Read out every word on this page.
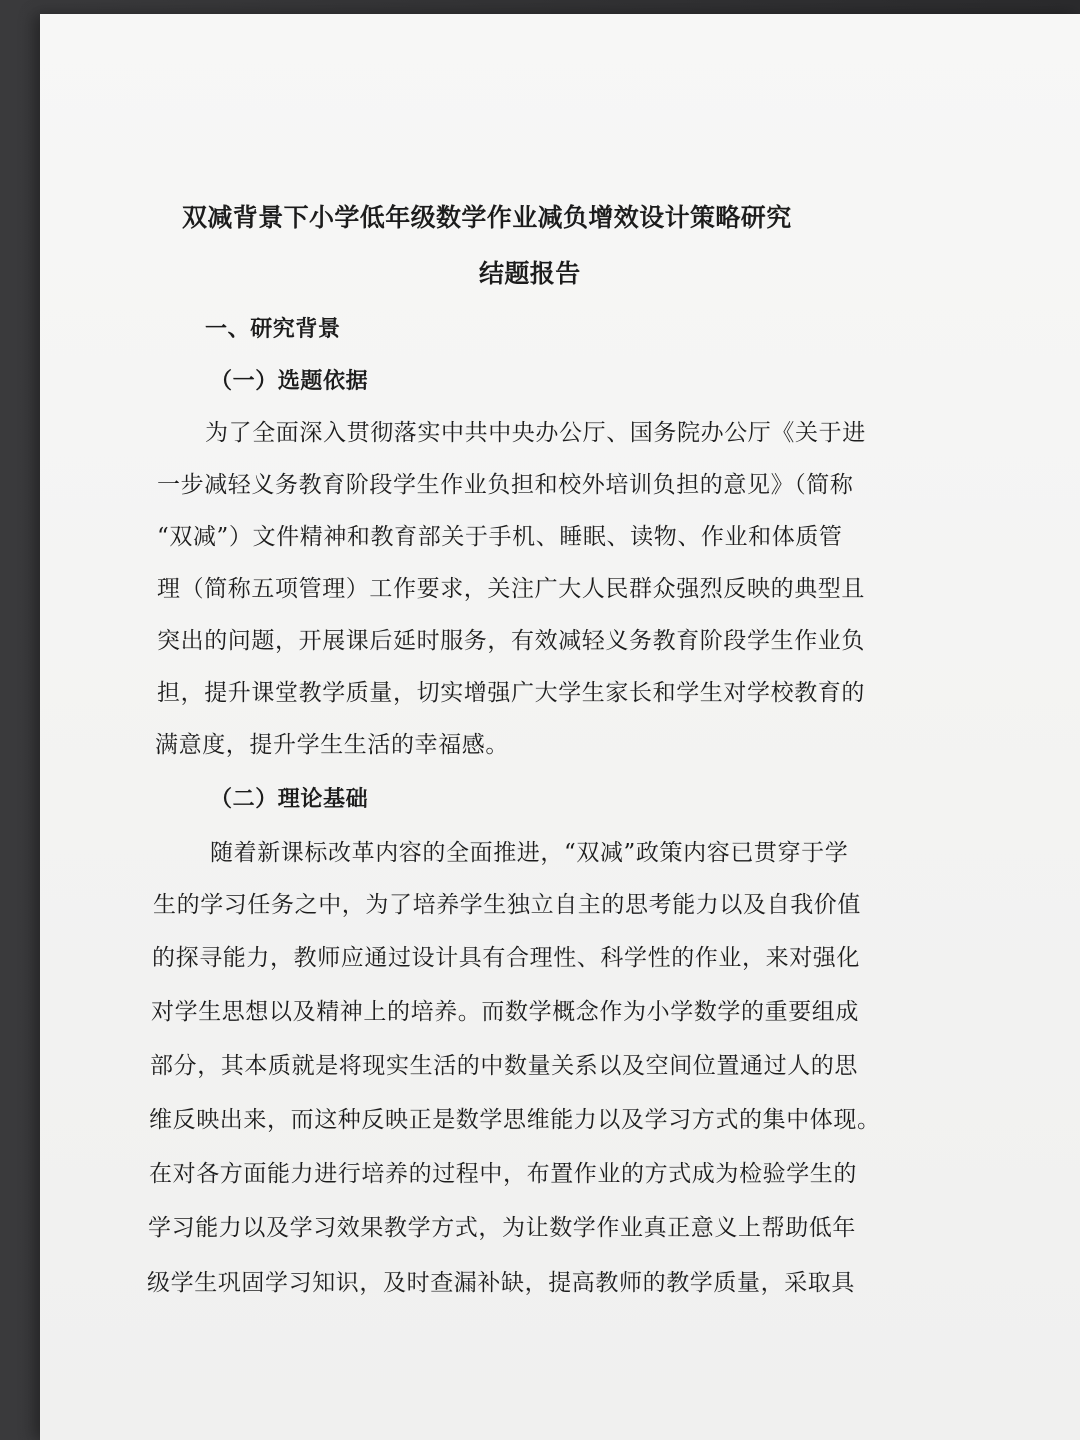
双减背景下小学低年级数学作业减负增效设计策略研究
结题报告
一、研究背景
（一）选题依据
为了全面深入贯彻落实中共中央办公厅、国务院办公厅《关于进
一步减轻义务教育阶段学生作业负担和校外培训负担的意见》（简称
“双减”）文件精神和教育部关于手机、睡眠、读物、作业和体质管
理（简称五项管理）工作要求，关注广大人民群众强烈反映的典型且
突出的问题，开展课后延时服务，有效减轻义务教育阶段学生作业负
担，提升课堂教学质量，切实增强广大学生家长和学生对学校教育的
满意度，提升学生生活的幸福感。
（二）理论基础
随着新课标改革内容的全面推进，“双减”政策内容已贯穿于学
生的学习任务之中，为了培养学生独立自主的思考能力以及自我价值
的探寻能力，教师应通过设计具有合理性、科学性的作业，来对强化
对学生思想以及精神上的培养。而数学概念作为小学数学的重要组成
部分，其本质就是将现实生活的中数量关系以及空间位置通过人的思
维反映出来，而这种反映正是数学思维能力以及学习方式的集中体现。
在对各方面能力进行培养的过程中，布置作业的方式成为检验学生的
学习能力以及学习效果教学方式，为让数学作业真正意义上帮助低年
级学生巩固学习知识，及时查漏补缺，提高教师的教学质量，采取具
